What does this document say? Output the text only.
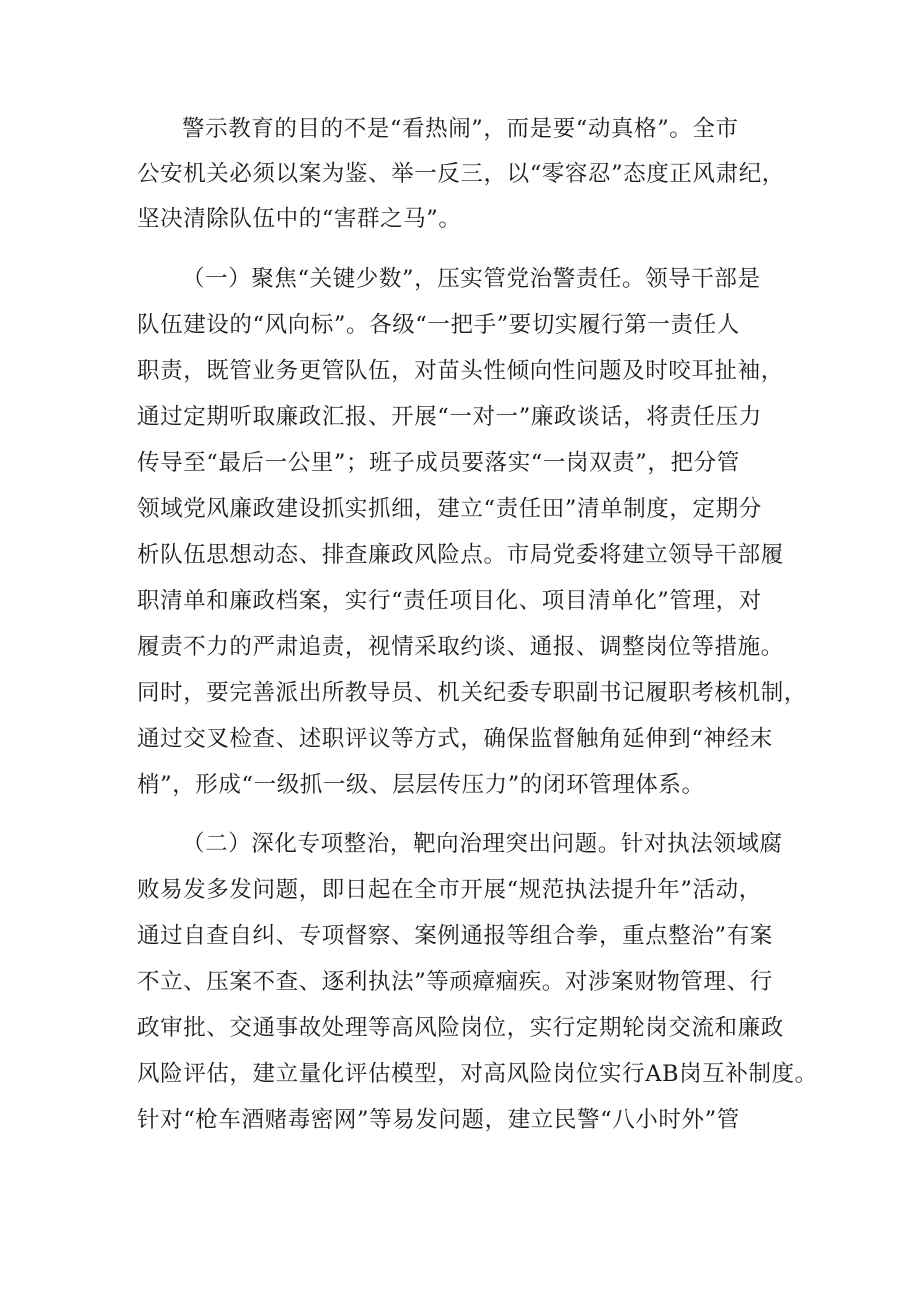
警示教育的目的不是“看热闹”，而是要“动真格”。全市
公安机关必须以案为鉴、举一反三，以“零容忍”态度正风肃纪，
坚决清除队伍中的“害群之马”。
（一）聚焦“关键少数”，压实管党治警责任。领导干部是
队伍建设的“风向标”。各级“一把手”要切实履行第一责任人
职责，既管业务更管队伍，对苗头性倾向性问题及时咬耳扯袖，
通过定期听取廉政汇报、开展“一对一”廉政谈话，将责任压力
传导至“最后一公里”；班子成员要落实“一岗双责”，把分管
领域党风廉政建设抓实抓细，建立“责任田”清单制度，定期分
析队伍思想动态、排查廉政风险点。市局党委将建立领导干部履
职清单和廉政档案，实行“责任项目化、项目清单化”管理，对
履责不力的严肃追责，视情采取约谈、通报、调整岗位等措施。
同时，要完善派出所教导员、机关纪委专职副书记履职考核机制，
通过交叉检查、述职评议等方式，确保监督触角延伸到“神经末
梢”，形成“一级抓一级、层层传压力”的闭环管理体系。
（二）深化专项整治，靶向治理突出问题。针对执法领域腐
败易发多发问题，即日起在全市开展“规范执法提升年”活动，
通过自查自纠、专项督察、案例通报等组合拳，重点整治”有案
不立、压案不查、逐利执法”等顽瘴痼疾。对涉案财物管理、行
政审批、交通事故处理等高风险岗位，实行定期轮岗交流和廉政
风险评估，建立量化评估模型，对高风险岗位实行AB岗互补制度。
针对“枪车酒赌毒密网”等易发问题，建立民警“八小时外”管
